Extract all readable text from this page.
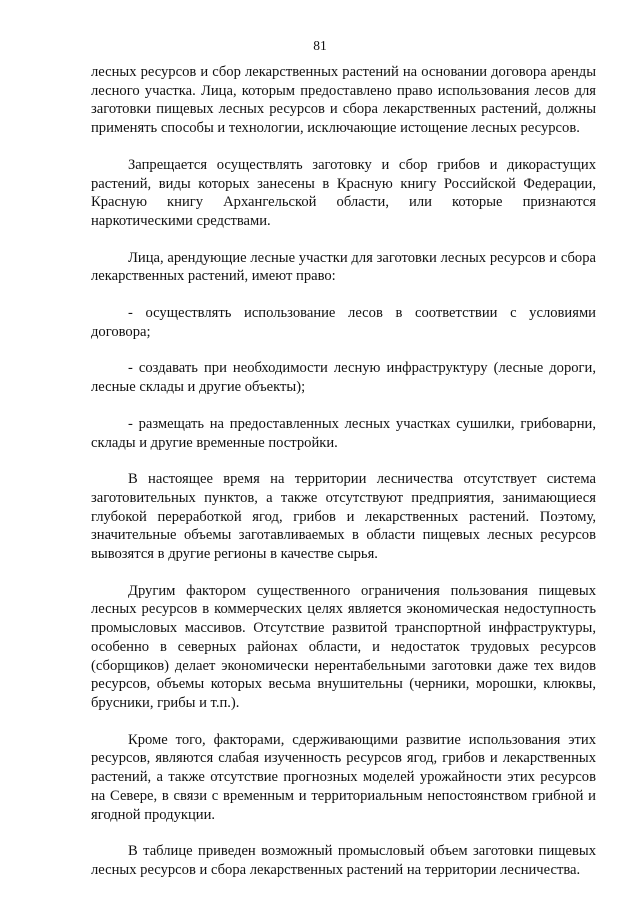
81

лесных ресурсов и сбор лекарственных растений на основании договора аренды лесного участка. Лица, которым предоставлено право использования лесов для заготовки пищевых лесных ресурсов и сбора лекарственных растений, должны применять способы и технологии, исключающие истощение лесных ресурсов.

Запрещается осуществлять заготовку и сбор грибов и дикорастущих растений, виды которых занесены в Красную книгу Российской Федерации, Красную книгу Архангельской области, или которые признаются наркотическими средствами.

Лица, арендующие лесные участки для заготовки лесных ресурсов и сбора лекарственных растений, имеют право:

- осуществлять использование лесов в соответствии с условиями договора;

- создавать при необходимости лесную инфраструктуру (лесные дороги, лесные склады и другие объекты);

- размещать на предоставленных лесных участках сушилки, грибоварни, склады и другие временные постройки.

В настоящее время на территории лесничества отсутствует система заготовительных пунктов, а также отсутствуют предприятия, занимающиеся глубокой переработкой ягод, грибов и лекарственных растений. Поэтому, значительные объемы заготавливаемых в области пищевых лесных ресурсов вывозятся в другие регионы в качестве сырья.

Другим фактором существенного ограничения пользования пищевых лесных ресурсов в коммерческих целях является экономическая недоступность промысловых массивов. Отсутствие развитой транспортной инфраструктуры, особенно в северных районах области, и недостаток трудовых ресурсов (сборщиков) делает экономически нерентабельными заготовки даже тех видов ресурсов, объемы которых весьма внушительны (черники, морошки, клюквы, брусники, грибы и т.п.).

Кроме того, факторами, сдерживающими развитие использования этих ресурсов, являются слабая изученность ресурсов ягод, грибов и лекарственных растений, а также отсутствие прогнозных моделей урожайности этих ресурсов на Севере, в связи с временным и территориальным непостоянством грибной и ягодной продукции.

В таблице приведен возможный промысловый объем заготовки пищевых лесных ресурсов и сбора лекарственных растений на территории лесничества.
